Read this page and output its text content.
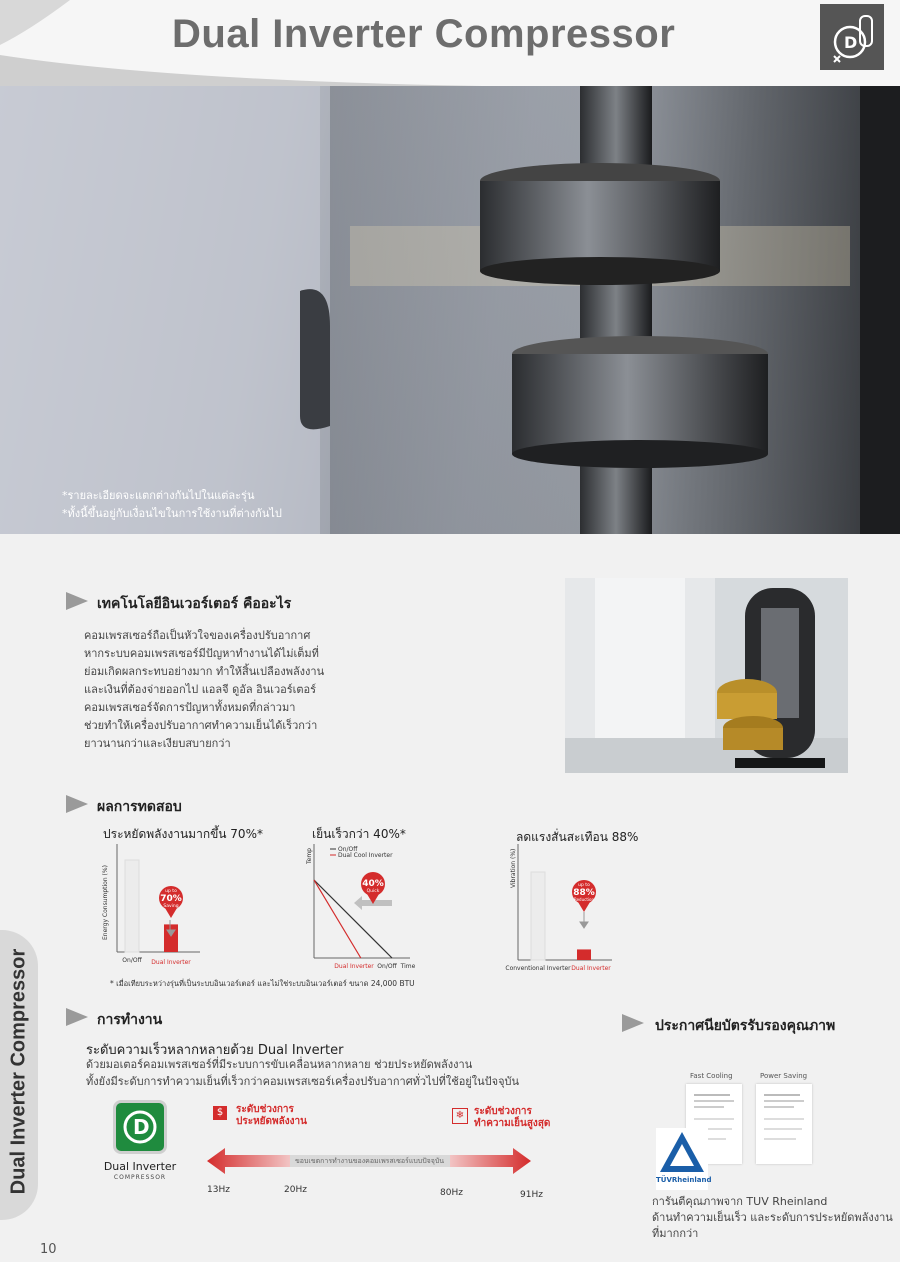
Dual Inverter Compressor	D
*รายละเอียดจะแตกต่างกันไปในแต่ละรุ่น
*ทั้งนี้ขึ้นอยู่กับเงื่อนไขในการใช้งานที่ต่างกันไป
เทคโนโลยีอินเวอร์เตอร์ คืออะไร
คอมเพรสเซอร์ถือเป็นหัวใจของเครื่องปรับอากาศ
หากระบบคอมเพรสเซอร์มีปัญหาทำงานได้ไม่เต็มที่
ย่อมเกิดผลกระทบอย่างมาก ทำให้สิ้นเปลืองพลังงาน
และเงินที่ต้องจ่ายออกไป แอลจี ดูอัล อินเวอร์เตอร์
คอมเพรสเซอร์จัดการปัญหาทั้งหมดที่กล่าวมา
ช่วยทำให้เครื่องปรับอากาศทำความเย็นได้เร็วกว่า
ยาวนานกว่าและเงียบสบายกว่า
ผลการทดสอบ
ประหยัดพลังงานมากขึ้น 70%*	เย็นเร็วกว่า 40%*	ลดแรงสั่นสะเทือน 88%
Energy Consumption (%)	up to
70%
Saving
On/Off Dual Inverter
Temp	On/Off
Dual Cool Inverter
40%
Quick
Dual Inverter On/Off Time
Vibration (%)	up to
88%
Reduction
Conventional Inverter Dual Inverter
* เมื่อเทียบระหว่างรุ่นที่เป็นระบบอินเวอร์เตอร์ และไม่ใช่ระบบอินเวอร์เตอร์ ขนาด 24,000 BTU
การทำงาน
ระดับความเร็วหลากหลายด้วย Dual Inverter
ด้วยมอเตอร์คอมเพรสเซอร์ที่มีระบบการขับเคลื่อนหลากหลาย ช่วยประหยัดพลังงาน
ทั้งยังมีระดับการทำความเย็นที่เร็วกว่าคอมเพรสเซอร์เครื่องปรับอากาศทั่วไปที่ใช้อยู่ในปัจจุบัน
D
Dual Inverter
COMPRESSOR
$	ระดับช่วงการ
ประหยัดพลังงาน
❄ ระดับช่วงการ
ทำความเย็นสูงสุด
ขอบเขตการทำงานของคอมเพรสเซอร์แบบปัจจุบัน
13Hz	20Hz	80Hz	91Hz
ประกาศนียบัตรรับรองคุณภาพ
Fast Cooling	Power Saving
TÜVRheinland
การันตีคุณภาพจาก TUV Rheinland
ด้านทำความเย็นเร็ว และระดับการประหยัดพลังงาน
ที่มากกว่า
Dual Inverter Compressor
10
